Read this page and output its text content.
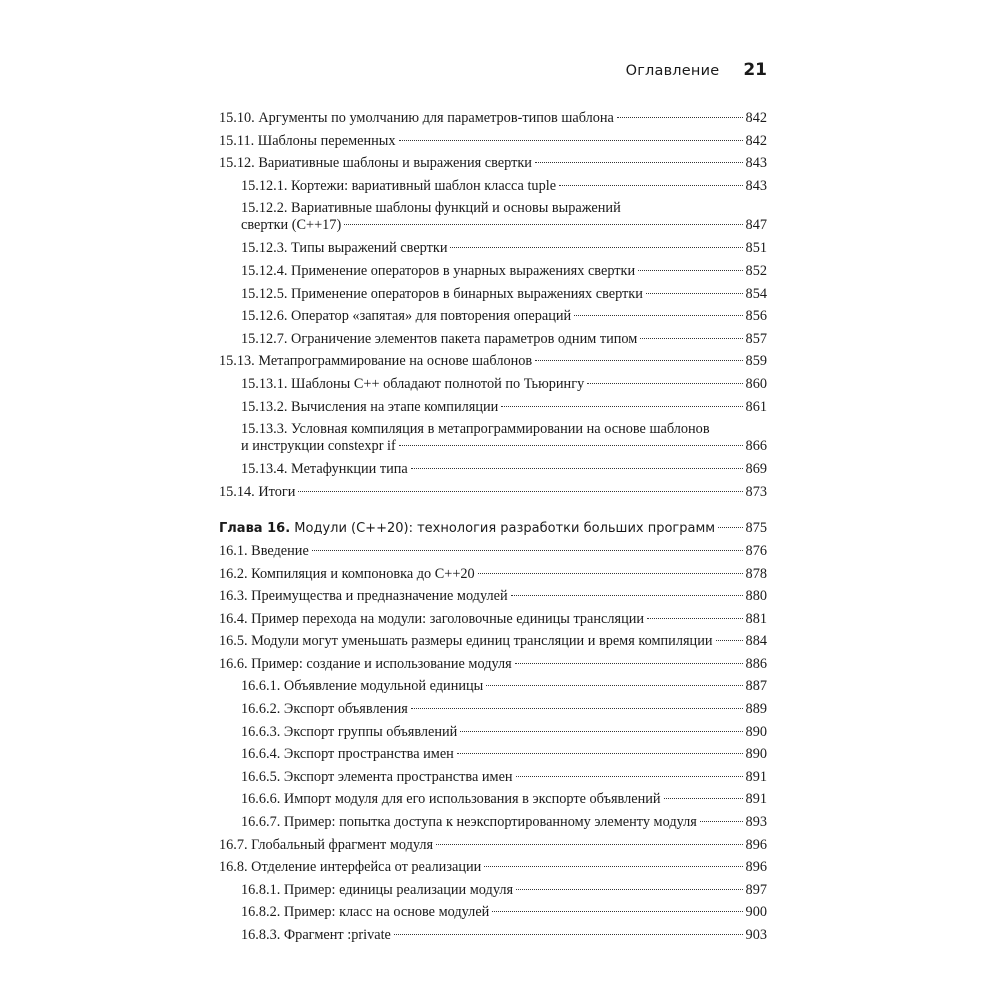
Оглавление 21
15.10. Аргументы по умолчанию для параметров-типов шаблона	842
15.11. Шаблоны переменных	842
15.12. Вариативные шаблоны и выражения свертки	843
15.12.1. Кортежи: вариативный шаблон класса tuple	843
15.12.2. Вариативные шаблоны функций и основы выражений
свертки (C++17)	847
15.12.3. Типы выражений свертки	851
15.12.4. Применение операторов в унарных выражениях свертки	852
15.12.5. Применение операторов в бинарных выражениях свертки	854
15.12.6. Оператор «запятая» для повторения операций	856
15.12.7. Ограничение элементов пакета параметров одним типом	857
15.13. Метапрограммирование на основе шаблонов	859
15.13.1. Шаблоны C++ обладают полнотой по Тьюрингу	860
15.13.2. Вычисления на этапе компиляции	861
15.13.3. Условная компиляция в метапрограммировании на основе шаблонов
и инструкции constexpr if	866
15.13.4. Метафункции типа	869
15.14. Итоги	873
Глава 16. Модули (C++20): технология разработки больших программ 875
16.1. Введение	876
16.2. Компиляция и компоновка до C++20	878
16.3. Преимущества и предназначение модулей	880
16.4. Пример перехода на модули: заголовочные единицы трансляции	881
16.5. Модули могут уменьшать размеры единиц трансляции и время компиляции 884
16.6. Пример: создание и использование модуля	886
16.6.1. Объявление модульной единицы	887
16.6.2. Экспорт объявления	889
16.6.3. Экспорт группы объявлений	890
16.6.4. Экспорт пространства имен	890
16.6.5. Экспорт элемента пространства имен	891
16.6.6. Импорт модуля для его использования в экспорте объявлений	891
16.6.7. Пример: попытка доступа к неэкспортированному элементу модуля	893
16.7. Глобальный фрагмент модуля	896
16.8. Отделение интерфейса от реализации	896
16.8.1. Пример: единицы реализации модуля	897
16.8.2. Пример: класс на основе модулей	900
16.8.3. Фрагмент :private	903
